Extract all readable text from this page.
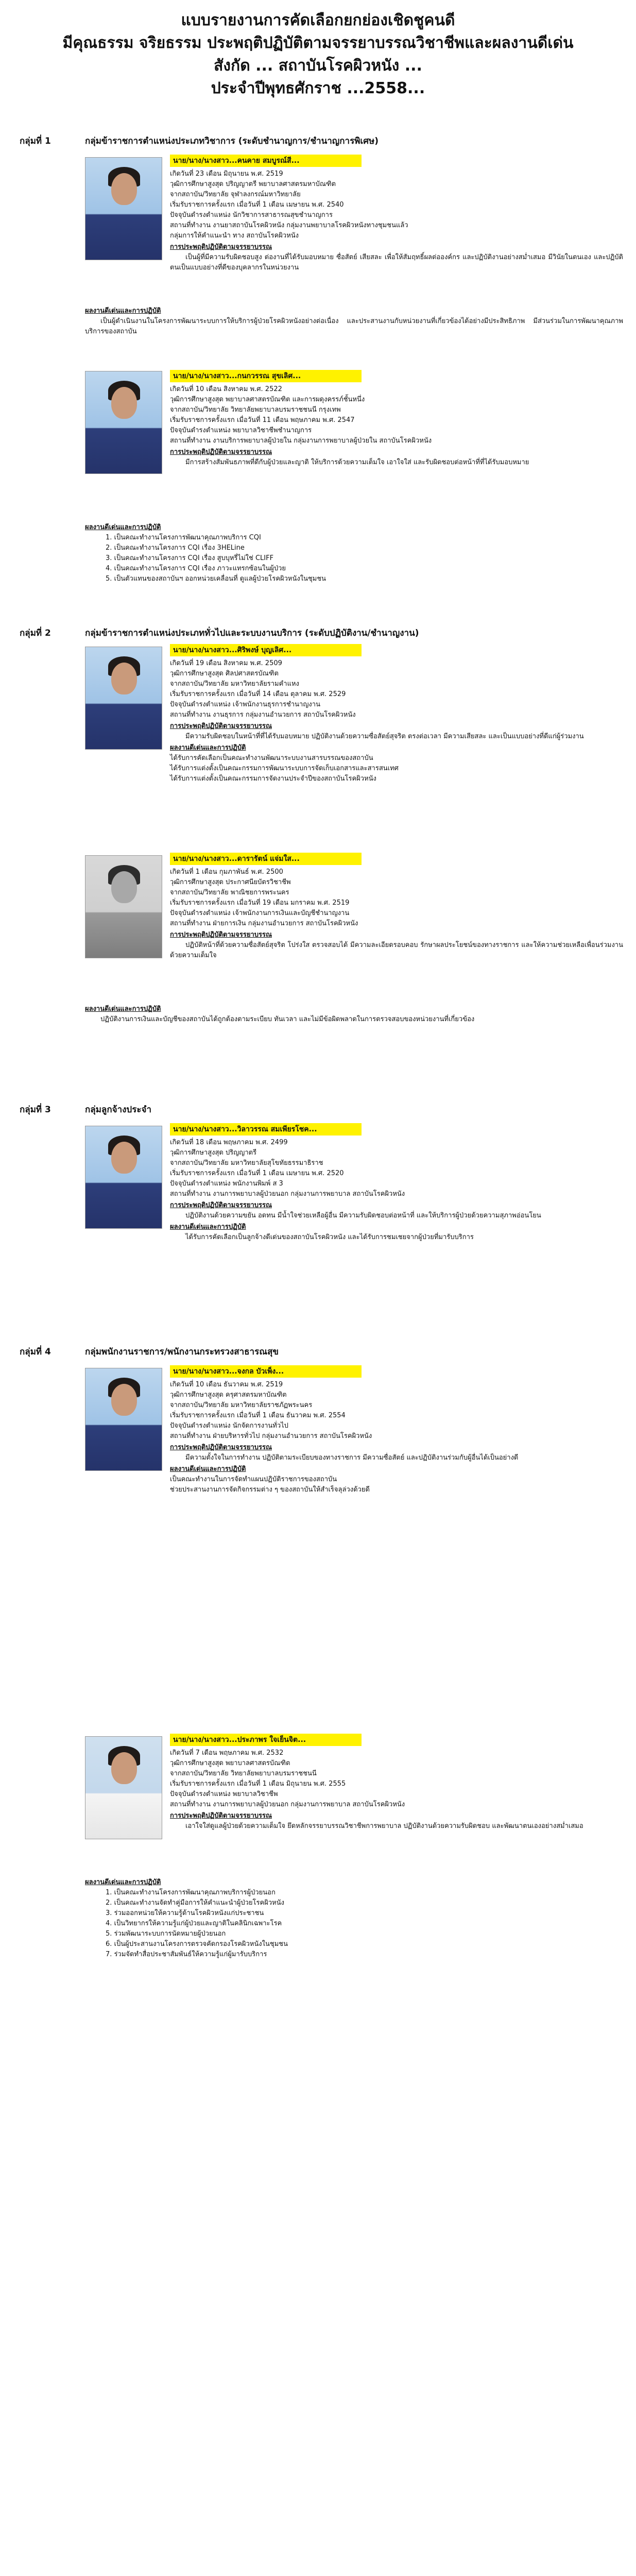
แบบรายงานการคัดเลือกยกย่องเชิดชูคนดี
มีคุณธรรม จริยธรรม ประพฤติปฏิบัติตามจรรยาบรรณวิชาชีพและผลงานดีเด่น
สังกัด ... สถาบันโรคผิวหนัง ...
ประจำปีพุทธศักราช ...2558...
กลุ่มที่ 1	กลุ่มข้าราชการตำแหน่งประเภทวิชาการ (ระดับชำนาญการ/ชำนาญการพิเศษ)
นาย/นาง/นางสาว...คนคาย สมบูรณ์สี...

เกิดวันที่ 23 เดือน มิถุนายน พ.ศ. 2519

วุฒิการศึกษาสูงสุด ปริญญาตรี พยาบาลศาสตรมหาบัณฑิต

จากสถาบัน/วิทยาลัย จุฬาลงกรณ์มหาวิทยาลัย

เริ่มรับราชการครั้งแรก เมื่อวันที่ 1 เดือน เมษายน พ.ศ. 2540

ปัจจุบันดำรงตำแหน่ง นักวิชาการสาธารณสุขชำนาญการ

สถานที่ทำงาน งานยาสถาบันโรคผิวหนัง กลุ่มงานพยาบาลโรคผิวหนังทางชุมชนแล้ว

กลุ่มการให้คำแนะนำ ทาง สถาบันโรคผิวหนัง

การประพฤติปฏิบัติตามจรรยาบรรณ

เป็นผู้ที่มีความรับผิดชอบสูง ต่องานที่ได้รับมอบหมาย ซื่อสัตย์ เสียสละ เพื่อให้สัมฤทธิ์ผลต่อองค์กร และปฏิบัติงานอย่างสม่ำเสมอ มีวินัยในตนเอง และปฏิบัติตนเป็นแบบอย่างที่ดีของบุคลากรในหน่วยงาน

ผลงานดีเด่นและการปฏิบัติ

เป็นผู้ดำเนินงานในโครงการพัฒนาระบบการให้บริการผู้ป่วยโรคผิวหนังอย่างต่อเนื่อง และประสานงานกับหน่วยงานที่เกี่ยวข้องได้อย่างมีประสิทธิภาพ มีส่วนร่วมในการพัฒนาคุณภาพบริการของสถาบัน

นาย/นาง/นางสาว...กนกวรรณ สุขเลิศ...

เกิดวันที่ 10 เดือน สิงหาคม พ.ศ. 2522

วุฒิการศึกษาสูงสุด พยาบาลศาสตรบัณฑิต และการผดุงครรภ์ชั้นหนึ่ง

จากสถาบัน/วิทยาลัย วิทยาลัยพยาบาลบรมราชชนนี กรุงเทพ

เริ่มรับราชการครั้งแรก เมื่อวันที่ 11 เดือน พฤษภาคม พ.ศ. 2547

ปัจจุบันดำรงตำแหน่ง พยาบาลวิชาชีพชำนาญการ

สถานที่ทำงาน งานบริการพยาบาลผู้ป่วยใน กลุ่มงานการพยาบาลผู้ป่วยใน สถาบันโรคผิวหนัง

การประพฤติปฏิบัติตามจรรยาบรรณ

มีการสร้างสัมพันธภาพที่ดีกับผู้ป่วยและญาติ ให้บริการด้วยความเต็มใจ เอาใจใส่ และรับผิดชอบต่อหน้าที่ที่ได้รับมอบหมาย

ผลงานดีเด่นและการปฏิบัติ

1. เป็นคณะทำงานโครงการพัฒนาคุณภาพบริการ CQI

2. เป็นคณะทำงานโครงการ CQI เรื่อง 3HELine

3. เป็นคณะทำงานโครงการ CQI เรื่อง สูบบุหรี่ไม่ใช่ CLIFF

4. เป็นคณะทำงานโครงการ CQI เรื่อง ภาวะแทรกซ้อนในผู้ป่วย

5. เป็นตัวแทนของสถาบันฯ ออกหน่วยเคลื่อนที่ ดูแลผู้ป่วยโรคผิวหนังในชุมชน

กลุ่มที่ 2	กลุ่มข้าราชการตำแหน่งประเภททั่วไปและระบบงานบริการ (ระดับปฏิบัติงาน/ชำนาญงาน)
นาย/นาง/นางสาว...ศิริพงษ์ บุญเลิศ...

เกิดวันที่ 19 เดือน สิงหาคม พ.ศ. 2509

วุฒิการศึกษาสูงสุด ศิลปศาสตรบัณฑิต

จากสถาบัน/วิทยาลัย มหาวิทยาลัยรามคำแหง

เริ่มรับราชการครั้งแรก เมื่อวันที่ 14 เดือน ตุลาคม พ.ศ. 2529

ปัจจุบันดำรงตำแหน่ง เจ้าพนักงานธุรการชำนาญงาน

สถานที่ทำงาน งานธุรการ กลุ่มงานอำนวยการ สถาบันโรคผิวหนัง

การประพฤติปฏิบัติตามจรรยาบรรณ

มีความรับผิดชอบในหน้าที่ที่ได้รับมอบหมาย ปฏิบัติงานด้วยความซื่อสัตย์สุจริต ตรงต่อเวลา มีความเสียสละ และเป็นแบบอย่างที่ดีแก่ผู้ร่วมงาน

ผลงานดีเด่นและการปฏิบัติ

ได้รับการคัดเลือกเป็นคณะทำงานพัฒนาระบบงานสารบรรณของสถาบัน

ได้รับการแต่งตั้งเป็นคณะกรรมการพัฒนาระบบการจัดเก็บเอกสารและสารสนเทศ

ได้รับการแต่งตั้งเป็นคณะกรรมการจัดงานประจำปีของสถาบันโรคผิวหนัง

นาย/นาง/นางสาว...ดารารัตน์ แจ่มใส...

เกิดวันที่ 1 เดือน กุมภาพันธ์ พ.ศ. 2500

วุฒิการศึกษาสูงสุด ประกาศนียบัตรวิชาชีพ

จากสถาบัน/วิทยาลัย พาณิชยการพระนคร

เริ่มรับราชการครั้งแรก เมื่อวันที่ 19 เดือน มกราคม พ.ศ. 2519

ปัจจุบันดำรงตำแหน่ง เจ้าพนักงานการเงินและบัญชีชำนาญงาน

สถานที่ทำงาน ฝ่ายการเงิน กลุ่มงานอำนวยการ สถาบันโรคผิวหนัง

การประพฤติปฏิบัติตามจรรยาบรรณ

ปฏิบัติหน้าที่ด้วยความซื่อสัตย์สุจริต โปร่งใส ตรวจสอบได้ มีความละเอียดรอบคอบ รักษาผลประโยชน์ของทางราชการ และให้ความช่วยเหลือเพื่อนร่วมงานด้วยความเต็มใจ

ผลงานดีเด่นและการปฏิบัติ

ปฏิบัติงานการเงินและบัญชีของสถาบันได้ถูกต้องตามระเบียบ ทันเวลา และไม่มีข้อผิดพลาดในการตรวจสอบของหน่วยงานที่เกี่ยวข้อง

กลุ่มที่ 3	กลุ่มลูกจ้างประจำ
นาย/นาง/นางสาว...วิลาวรรณ สมเพียรโชค...

เกิดวันที่ 18 เดือน พฤษภาคม พ.ศ. 2499

วุฒิการศึกษาสูงสุด ปริญญาตรี

จากสถาบัน/วิทยาลัย มหาวิทยาลัยสุโขทัยธรรมาธิราช

เริ่มรับราชการครั้งแรก เมื่อวันที่ 1 เดือน เมษายน พ.ศ. 2520

ปัจจุบันดำรงตำแหน่ง พนักงานพิมพ์ ส 3

สถานที่ทำงาน งานการพยาบาลผู้ป่วยนอก กลุ่มงานการพยาบาล สถาบันโรคผิวหนัง

การประพฤติปฏิบัติตามจรรยาบรรณ

ปฏิบัติงานด้วยความขยัน อดทน มีน้ำใจช่วยเหลือผู้อื่น มีความรับผิดชอบต่อหน้าที่ และให้บริการผู้ป่วยด้วยความสุภาพอ่อนโยน

ผลงานดีเด่นและการปฏิบัติ

ได้รับการคัดเลือกเป็นลูกจ้างดีเด่นของสถาบันโรคผิวหนัง และได้รับการชมเชยจากผู้ป่วยที่มารับบริการ

กลุ่มที่ 4	กลุ่มพนักงานราชการ/พนักงานกระทรวงสาธารณสุข
นาย/นาง/นางสาว...จงกล บัวเพ็ง...

เกิดวันที่ 10 เดือน ธันวาคม พ.ศ. 2519

วุฒิการศึกษาสูงสุด ครุศาสตรมหาบัณฑิต

จากสถาบัน/วิทยาลัย มหาวิทยาลัยราชภัฏพระนคร

เริ่มรับราชการครั้งแรก เมื่อวันที่ 1 เดือน ธันวาคม พ.ศ. 2554

ปัจจุบันดำรงตำแหน่ง นักจัดการงานทั่วไป

สถานที่ทำงาน ฝ่ายบริหารทั่วไป กลุ่มงานอำนวยการ สถาบันโรคผิวหนัง

การประพฤติปฏิบัติตามจรรยาบรรณ

มีความตั้งใจในการทำงาน ปฏิบัติตามระเบียบของทางราชการ มีความซื่อสัตย์ และปฏิบัติงานร่วมกับผู้อื่นได้เป็นอย่างดี

ผลงานดีเด่นและการปฏิบัติ

เป็นคณะทำงานในการจัดทำแผนปฏิบัติราชการของสถาบัน

ช่วยประสานงานการจัดกิจกรรมต่าง ๆ ของสถาบันให้สำเร็จลุล่วงด้วยดี

นาย/นาง/นางสาว...ประภาพร ใจเย็นจิต...

เกิดวันที่ 7 เดือน พฤษภาคม พ.ศ. 2532

วุฒิการศึกษาสูงสุด พยาบาลศาสตรบัณฑิต

จากสถาบัน/วิทยาลัย วิทยาลัยพยาบาลบรมราชชนนี

เริ่มรับราชการครั้งแรก เมื่อวันที่ 1 เดือน มิถุนายน พ.ศ. 2555

ปัจจุบันดำรงตำแหน่ง พยาบาลวิชาชีพ

สถานที่ทำงาน งานการพยาบาลผู้ป่วยนอก กลุ่มงานการพยาบาล สถาบันโรคผิวหนัง

การประพฤติปฏิบัติตามจรรยาบรรณ

เอาใจใส่ดูแลผู้ป่วยด้วยความเต็มใจ ยึดหลักจรรยาบรรณวิชาชีพการพยาบาล ปฏิบัติงานด้วยความรับผิดชอบ และพัฒนาตนเองอย่างสม่ำเสมอ

ผลงานดีเด่นและการปฏิบัติ

1. เป็นคณะทำงานโครงการพัฒนาคุณภาพบริการผู้ป่วยนอก

2. เป็นคณะทำงานจัดทำคู่มือการให้คำแนะนำผู้ป่วยโรคผิวหนัง

3. ร่วมออกหน่วยให้ความรู้ด้านโรคผิวหนังแก่ประชาชน

4. เป็นวิทยากรให้ความรู้แก่ผู้ป่วยและญาติในคลินิกเฉพาะโรค

5. ร่วมพัฒนาระบบการนัดหมายผู้ป่วยนอก

6. เป็นผู้ประสานงานโครงการตรวจคัดกรองโรคผิวหนังในชุมชน

7. ร่วมจัดทำสื่อประชาสัมพันธ์ให้ความรู้แก่ผู้มารับบริการ
